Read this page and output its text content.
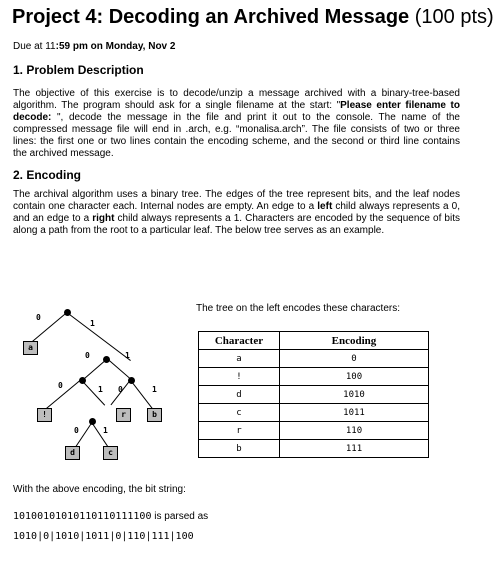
Project 4: Decoding an Archived Message (100 pts)
Due at 11:59 pm on Monday, Nov 2
1. Problem Description
The objective of this exercise is to decode/unzip a message archived with a binary-tree-based algorithm. The program should ask for a single filename at the start: "Please enter filename to decode: ", decode the message in the file and print it out to the console. The name of the compressed message file will end in .arch, e.g. “monalisa.arch”. The file consists of two or three lines: the first one or two lines contain the encoding scheme, and the second or third line contains the archived message.
2. Encoding
The archival algorithm uses a binary tree. The edges of the tree represent bits, and the leaf nodes contain one character each. Internal nodes are empty. An edge to a left child always represents a 0, and an edge to a right child always represents a 1. Characters are encoded by the sequence of bits along a path from the root to a particular leaf. The below tree serves as an example.
a
!	r	b
d	c
0
1
0	1
0	1 0	1
0	1
The tree on the left encodes these characters:
Character	Encoding
a	0
!	100
d	1010
c	1011
r	110
b	111
With the above encoding, the bit string:
10100101010110110111100 is parsed as
1010|0|1010|1011|0|110|111|100
